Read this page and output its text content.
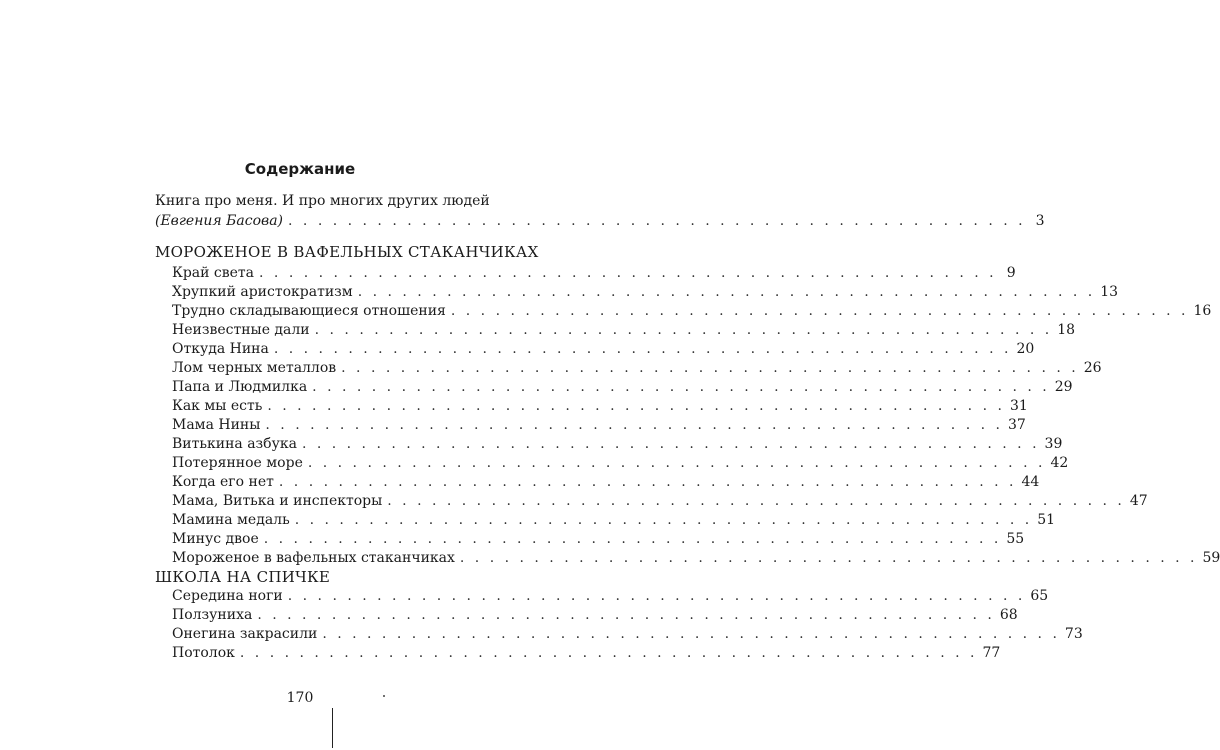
Содержание
Книга про меня. И про многих других людей
(Евгения Басова) . . . . . . . . . . . . . . . . . . . . . . . . . . . . . . . . . . . . . . . . . . . . . . . . . . 3
МОРОЖЕНОЕ В ВАФЕЛЬНЫХ СТАКАНЧИКАХ
Край света . . . . . . . . . . . . . . . . . . . . . . . . . . . . . . . . . . . . . . . . . . . . . . . . . . 9
Хрупкий аристократизм . . . . . . . . . . . . . . . . . . . . . . . . . . . . . . . . . . . . . . . . . . . . . . . . . . 13
Трудно складывающиеся отношения . . . . . . . . . . . . . . . . . . . . . . . . . . . . . . . . . . . . . . . . . . . . . . . . . . 16
Неизвестные дали . . . . . . . . . . . . . . . . . . . . . . . . . . . . . . . . . . . . . . . . . . . . . . . . . . 18
Откуда Нина . . . . . . . . . . . . . . . . . . . . . . . . . . . . . . . . . . . . . . . . . . . . . . . . . . 20
Лом черных металлов . . . . . . . . . . . . . . . . . . . . . . . . . . . . . . . . . . . . . . . . . . . . . . . . . . 26
Папа и Людмилка . . . . . . . . . . . . . . . . . . . . . . . . . . . . . . . . . . . . . . . . . . . . . . . . . . 29
Как мы есть . . . . . . . . . . . . . . . . . . . . . . . . . . . . . . . . . . . . . . . . . . . . . . . . . . 31
Мама Нины . . . . . . . . . . . . . . . . . . . . . . . . . . . . . . . . . . . . . . . . . . . . . . . . . . 37
Витькина азбука . . . . . . . . . . . . . . . . . . . . . . . . . . . . . . . . . . . . . . . . . . . . . . . . . . 39
Потерянное море . . . . . . . . . . . . . . . . . . . . . . . . . . . . . . . . . . . . . . . . . . . . . . . . . . 42
Когда его нет . . . . . . . . . . . . . . . . . . . . . . . . . . . . . . . . . . . . . . . . . . . . . . . . . . 44
Мама, Витька и инспекторы . . . . . . . . . . . . . . . . . . . . . . . . . . . . . . . . . . . . . . . . . . . . . . . . . . 47
Мамина медаль . . . . . . . . . . . . . . . . . . . . . . . . . . . . . . . . . . . . . . . . . . . . . . . . . . 51
Минус двое . . . . . . . . . . . . . . . . . . . . . . . . . . . . . . . . . . . . . . . . . . . . . . . . . . 55
Мороженое в вафельных стаканчиках . . . . . . . . . . . . . . . . . . . . . . . . . . . . . . . . . . . . . . . . . . . . . . . . . . 59
ШКОЛА НА СПИЧКЕ
Середина ноги . . . . . . . . . . . . . . . . . . . . . . . . . . . . . . . . . . . . . . . . . . . . . . . . . . 65
Ползуниха . . . . . . . . . . . . . . . . . . . . . . . . . . . . . . . . . . . . . . . . . . . . . . . . . . 68
Онегина закрасили . . . . . . . . . . . . . . . . . . . . . . . . . . . . . . . . . . . . . . . . . . . . . . . . . . 73
Потолок . . . . . . . . . . . . . . . . . . . . . . . . . . . . . . . . . . . . . . . . . . . . . . . . . . 77
170
